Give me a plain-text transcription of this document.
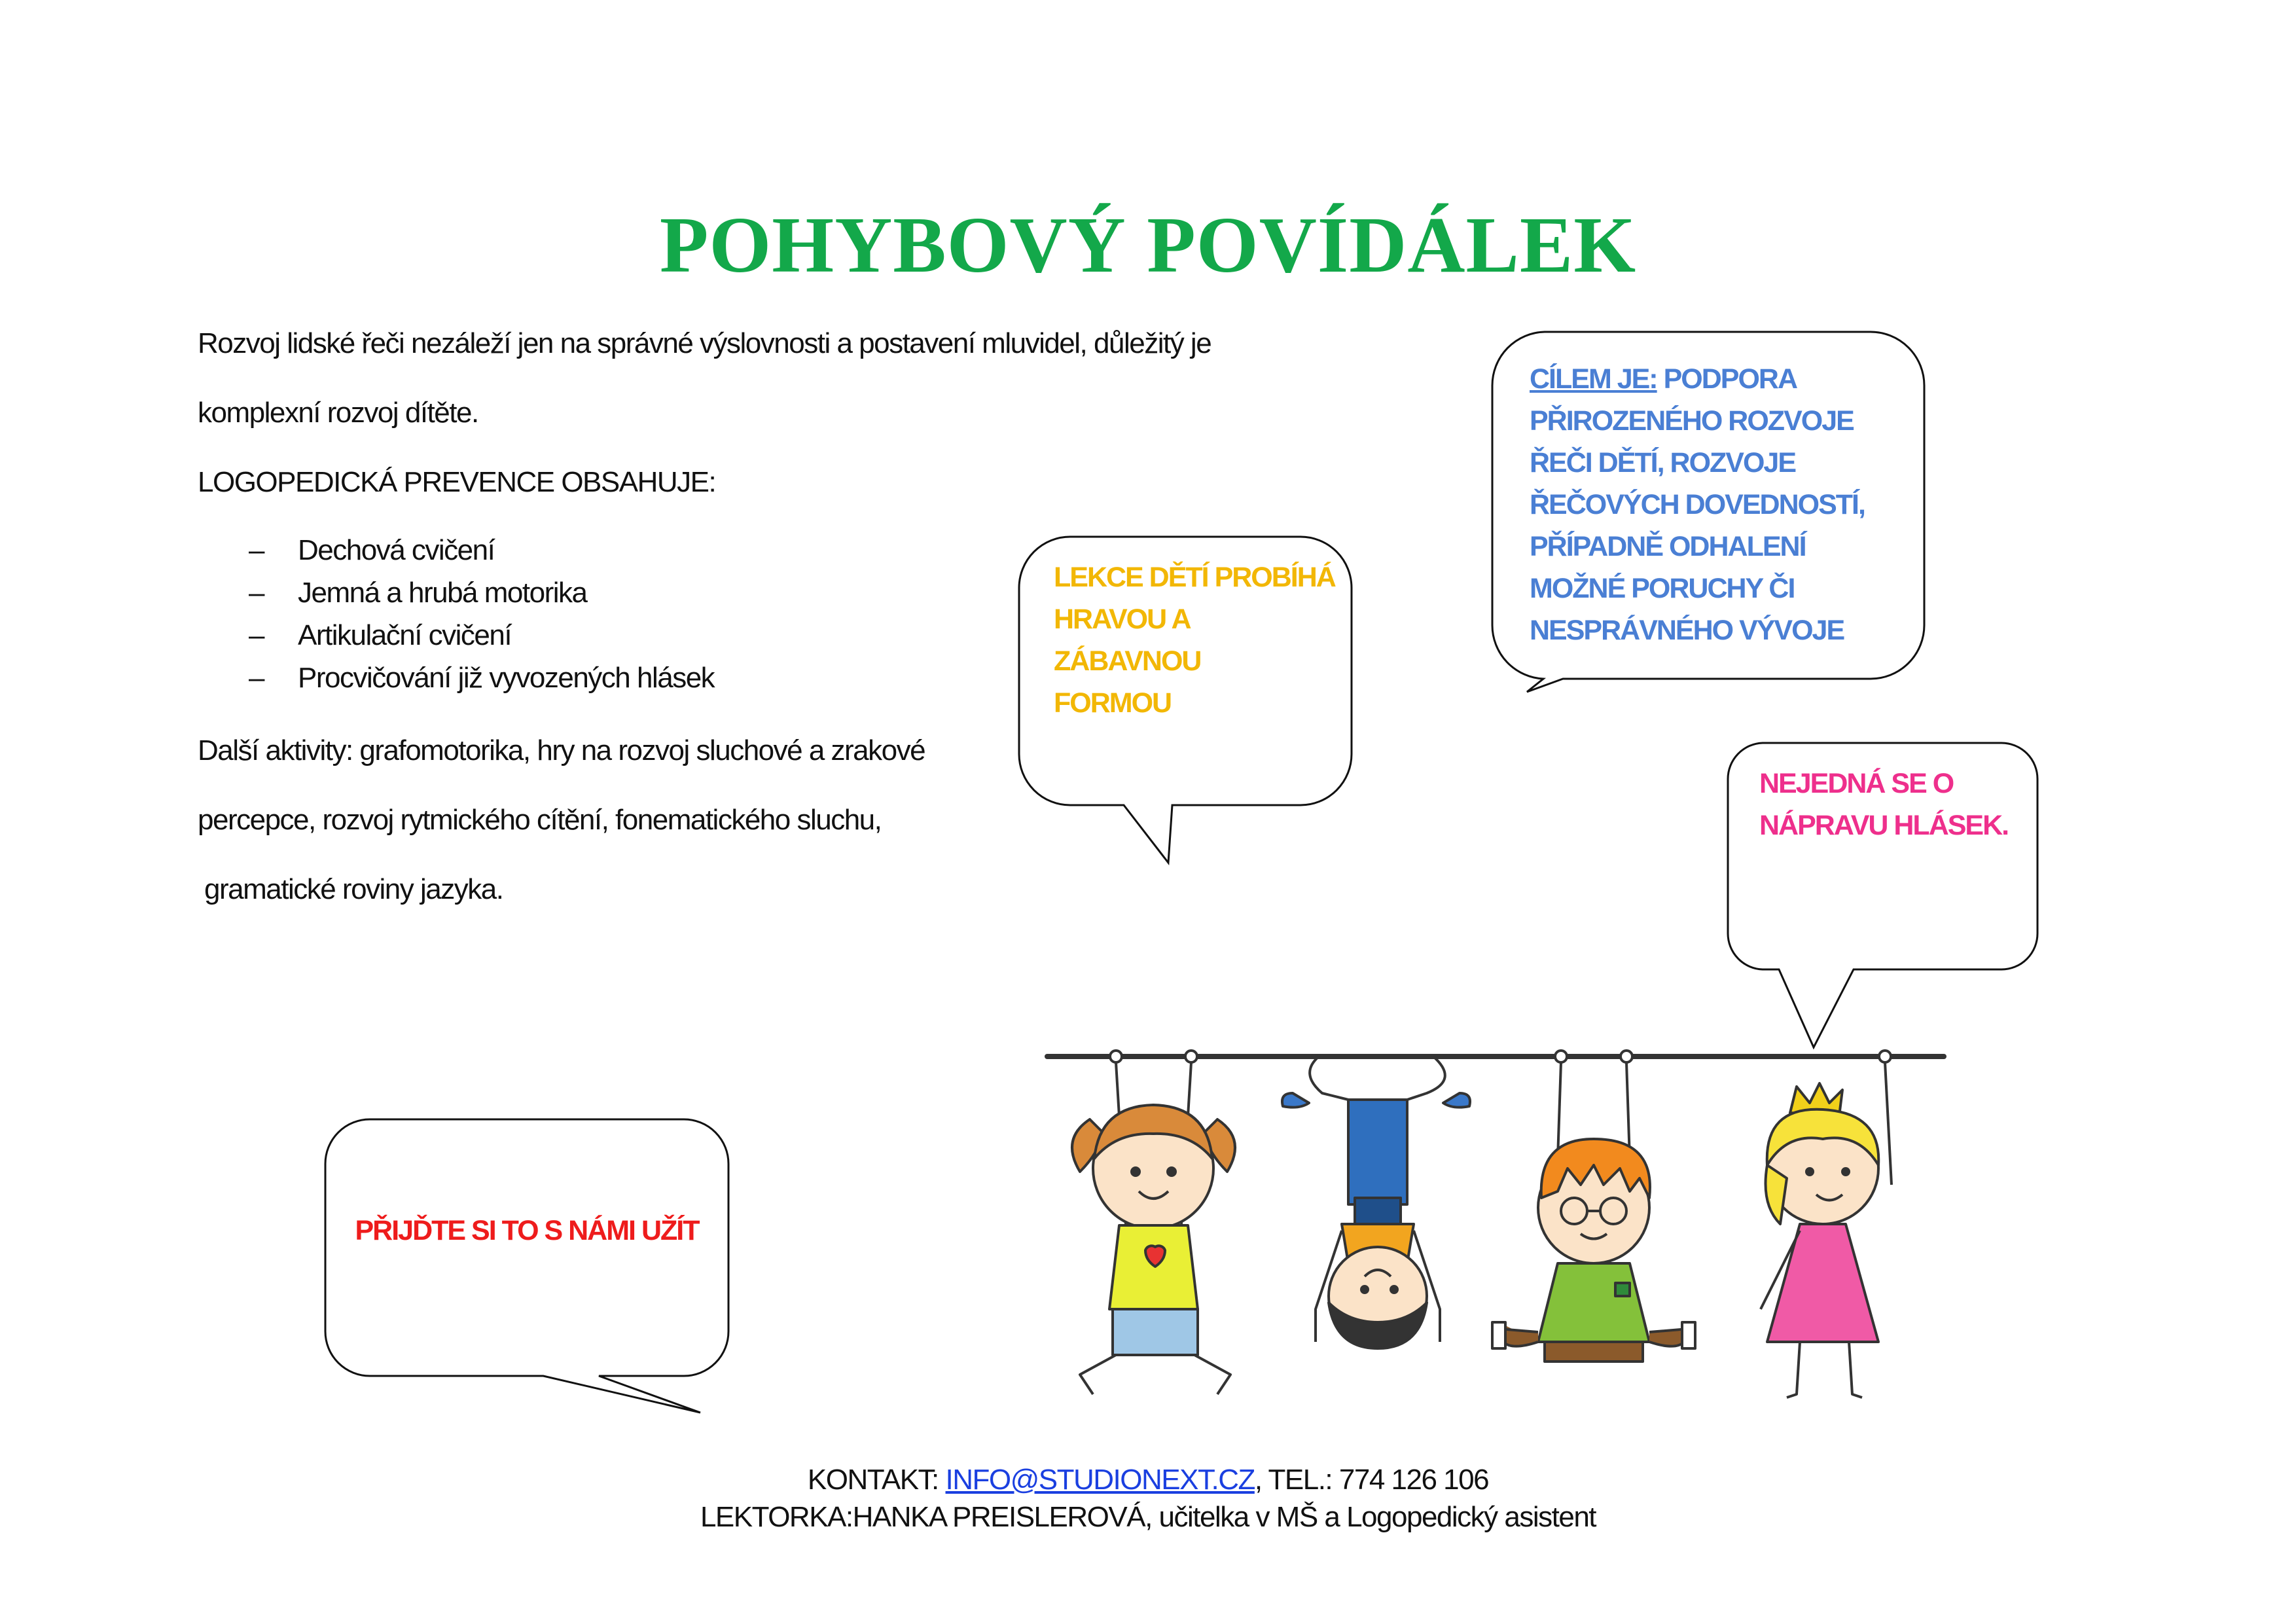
POHYBOVÝ POVÍDÁLEK

Rozvoj lidské řeči nezáleží jen na správné výslovnosti a postavení mluvidel, důležitý je

komplexní rozvoj dítěte.

LOGOPEDICKÁ PREVENCE OBSAHUJE:

– Dechová cvičení
– Jemná a hrubá motorika
– Artikulační cvičení
– Procvičování již vyvozených hlásek

Další aktivity: grafomotorika, hry na rozvoj sluchové a zrakové

percepce, rozvoj rytmického cítění, fonematického sluchu,

gramatické roviny jazyka.

LEKCE DĚTÍ PROBÍHÁ
HRAVOU A
ZÁBAVNOU
FORMOU
CÍLEM JE: PODPORA
PŘIROZENÉHO ROZVOJE
ŘEČI DĚTÍ, ROZVOJE
ŘEČOVÝCH DOVEDNOSTÍ,
PŘÍPADNĚ ODHALENÍ
MOŽNÉ PORUCHY ČI
NESPRÁVNÉHO VÝVOJE
NEJEDNÁ SE O
NÁPRAVU HLÁSEK.
PŘIJĎTE SI TO S NÁMI UŽÍT
KONTAKT: INFO@STUDIONEXT.CZ, TEL.: 774 126 106
LEKTORKA:HANKA PREISLEROVÁ, učitelka v MŠ a Logopedický asistent
